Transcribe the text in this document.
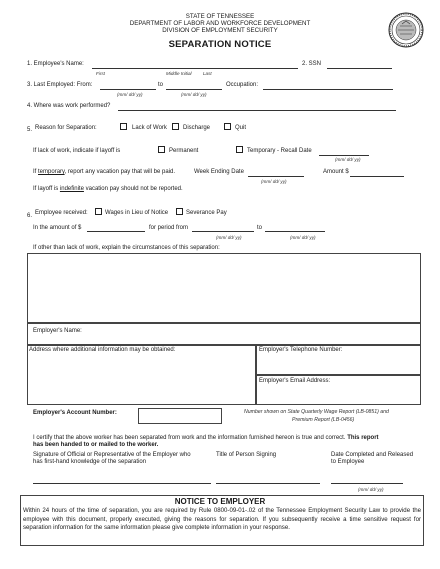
STATE OF TENNESSEE
DEPARTMENT OF LABOR AND WORKFORCE DEVELOPMENT
DIVISION OF EMPLOYMENT SECURITY
SEPARATION NOTICE
1. Employee's Name:	2. SSN
First	Middle Initial Last
3. Last Employed: From:	to	Occupation:
(mm/ dd/ yy)	(mm/ dd/ yy)
4. Where was work performed?
5. Reason for Separation:	Lack of Work	Discharge	Quit
If lack of work, indicate if layoff is	Permanent	Temporary - Recall Date
(mm/ dd/ yy)
If temporary, report any vacation pay that will be paid.	Week Ending Date
(mm/ dd/ yy)
Amount $
If layoff is indefinite vacation pay should not be reported.
6. Employee received:	Wages in Lieu of Notice	Severance Pay
In the amount of $	for period from	to
(mm/ dd/ yy)	(mm/ dd/ yy)
If other than lack of work, explain the circumstances of this separation:
Employer's Name:
Address where additional information may be obtained:	Employer's Telephone Number:
Employer's Email Address:
Employer's Account Number:	Number shown on State Quarterly Wage Report (LB-0851) and
Premium Report (LB-0456)
I certify that the above worker has been separated from work and the information furnished hereon is true and correct. This report
has been handed to or mailed to the worker.
Signature of Official or Representative of the Employer who
has first-hand knowledge of the separation
Title of Person Signing	Date Completed and Released
to Employee
(mm/ dd/ yy)
NOTICE TO EMPLOYER
Within 24 hours of the time of separation, you are required by Rule 0800-09-01-.02 of the Tennessee Employment Security Law to provide the employee with this document, properly executed, giving the reasons for separation. If you subsequently receive a time sensitive request for separation information for the same information please give complete information in your response.
